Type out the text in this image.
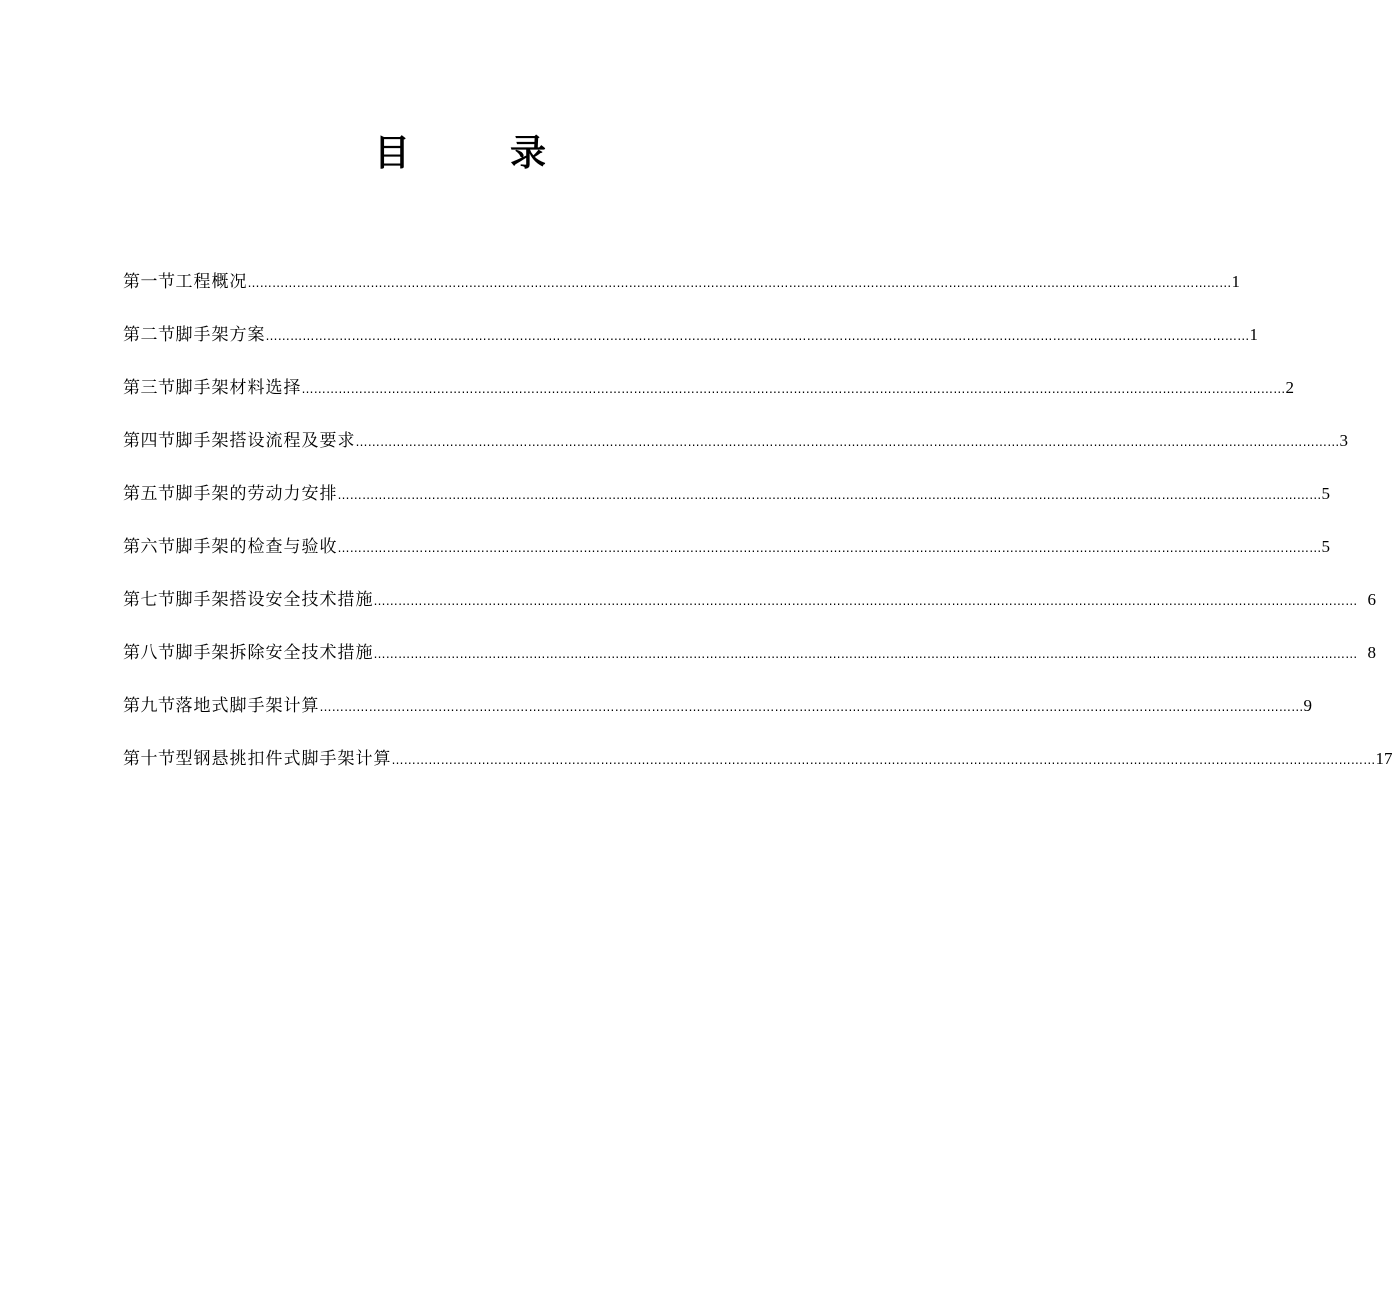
目	录
第一节 工程概况 …………………………………………………………………………………………………………………………………………………………………………………………………………………… 1
第二节 脚手架方案 …………………………………………………………………………………………………………………………………………………………………………………………………………………… 1
第三节 脚手架材料选择 …………………………………………………………………………………………………………………………………………………………………………………………………………………… 2
第四节 脚手架搭设流程及要求 …………………………………………………………………………………………………………………………………………………………………………………………………………………… 3
第五节 脚手架的劳动力安排 …………………………………………………………………………………………………………………………………………………………………………………………………………………… 5
第六节 脚手架的检查与验收 …………………………………………………………………………………………………………………………………………………………………………………………………………………… 5
第七节 脚手架搭设安全技术措施 …………………………………………………………………………………………………………………………………………………………………………………………………………………… 6
第八节 脚手架拆除安全技术措施 …………………………………………………………………………………………………………………………………………………………………………………………………………………… 8
第九节 落地式脚手架计算 …………………………………………………………………………………………………………………………………………………………………………………………………………………… 9
第十节 型钢悬挑扣件式脚手架计算 …………………………………………………………………………………………………………………………………………………………………………………………………………………… 17
